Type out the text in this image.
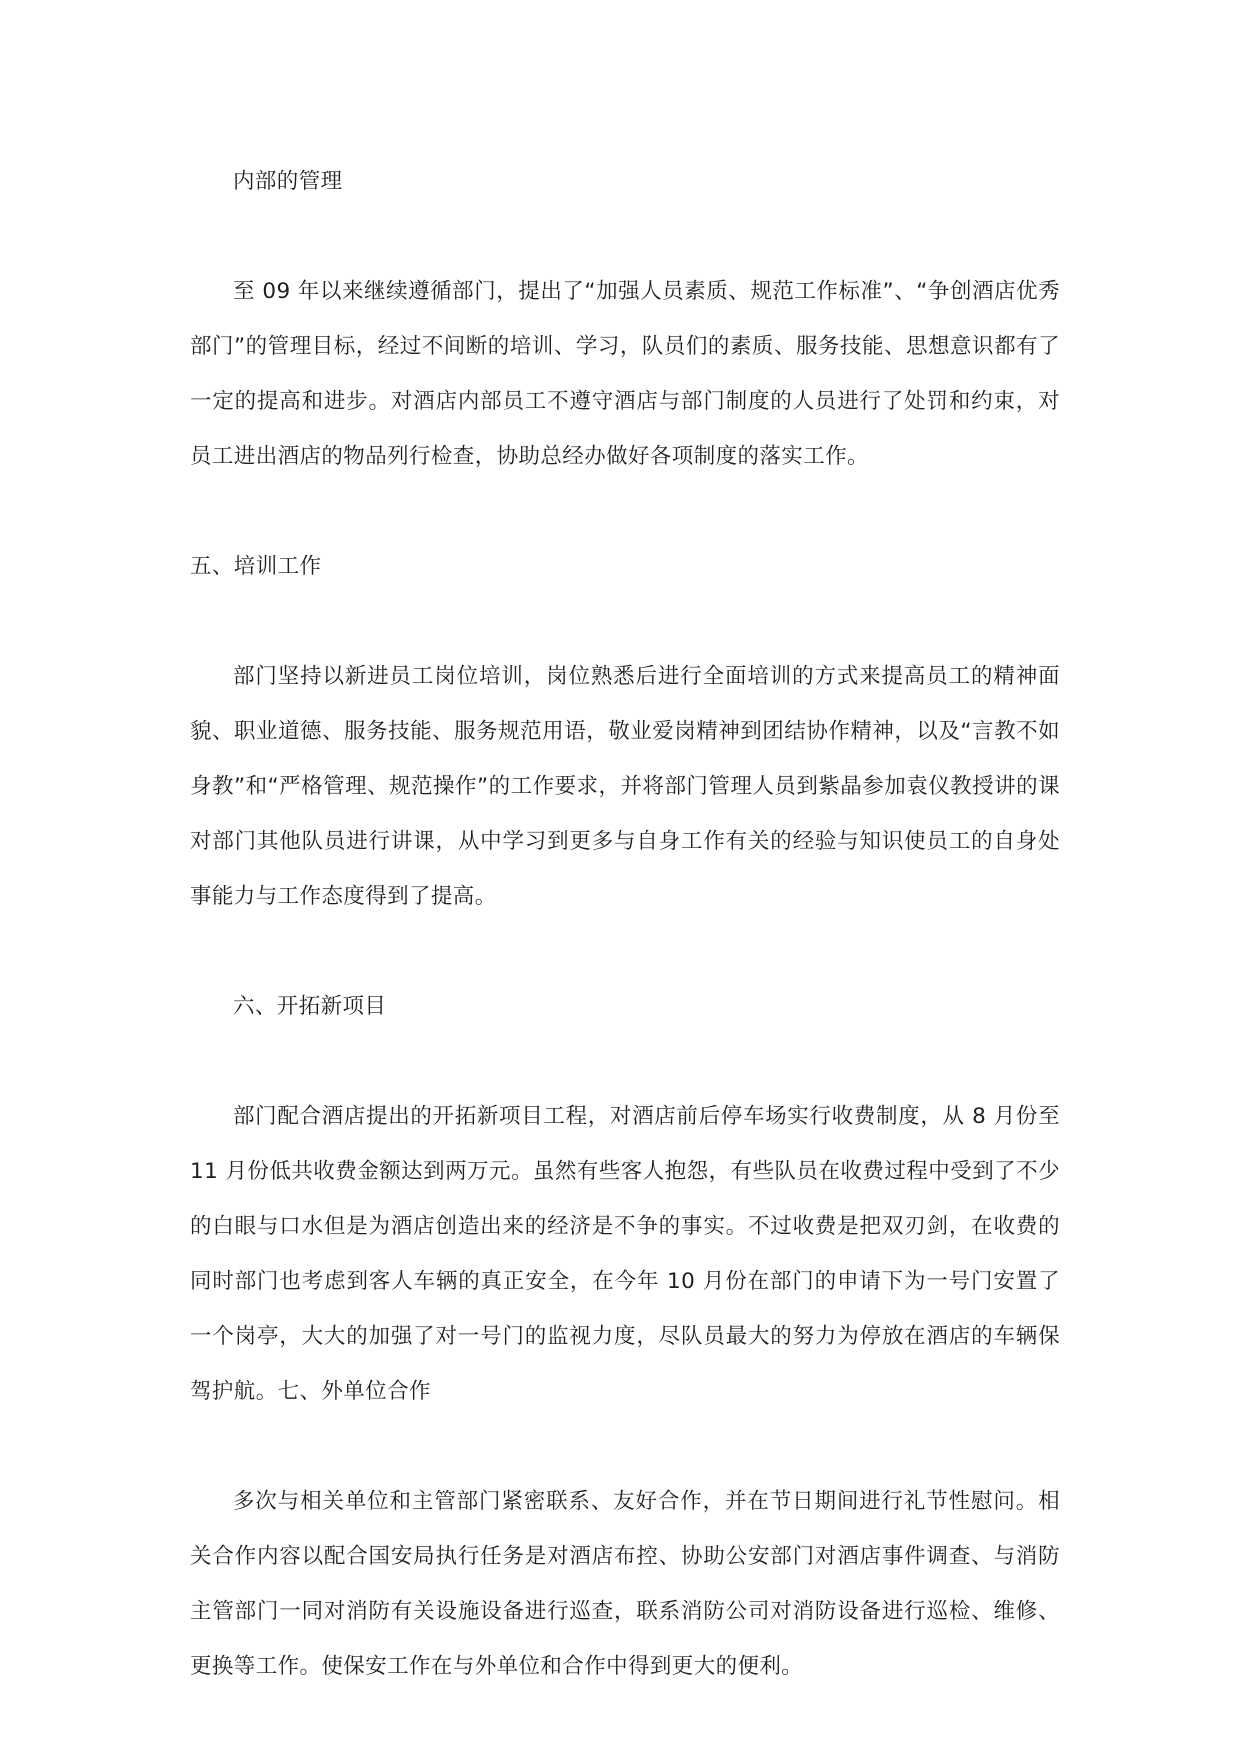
内部的管理

至 09 年以来继续遵循部门，提出了“加强人员素质、规范工作标准”、“争创酒店优秀部门”的管理目标，经过不间断的培训、学习，队员们的素质、服务技能、思想意识都有了一定的提高和进步。对酒店内部员工不遵守酒店与部门制度的人员进行了处罚和约束，对员工进出酒店的物品列行检查，协助总经办做好各项制度的落实工作。

五、培训工作

部门坚持以新进员工岗位培训，岗位熟悉后进行全面培训的方式来提高员工的精神面貌、职业道德、服务技能、服务规范用语，敬业爱岗精神到团结协作精神，以及“言教不如身教”和“严格管理、规范操作”的工作要求，并将部门管理人员到紫晶参加袁仪教授讲的课对部门其他队员进行讲课，从中学习到更多与自身工作有关的经验与知识使员工的自身处事能力与工作态度得到了提高。

六、开拓新项目

部门配合酒店提出的开拓新项目工程，对酒店前后停车场实行收费制度，从 8 月份至 11 月份低共收费金额达到两万元。虽然有些客人抱怨，有些队员在收费过程中受到了不少的白眼与口水但是为酒店创造出来的经济是不争的事实。不过收费是把双刃剑，在收费的同时部门也考虑到客人车辆的真正安全，在今年 10 月份在部门的申请下为一号门安置了一个岗亭，大大的加强了对一号门的监视力度，尽队员最大的努力为停放在酒店的车辆保驾护航。七、外单位合作

多次与相关单位和主管部门紧密联系、友好合作，并在节日期间进行礼节性慰问。相关合作内容以配合国安局执行任务是对酒店布控、协助公安部门对酒店事件调查、与消防主管部门一同对消防有关设施设备进行巡查，联系消防公司对消防设备进行巡检、维修、更换等工作。使保安工作在与外单位和合作中得到更大的便利。
